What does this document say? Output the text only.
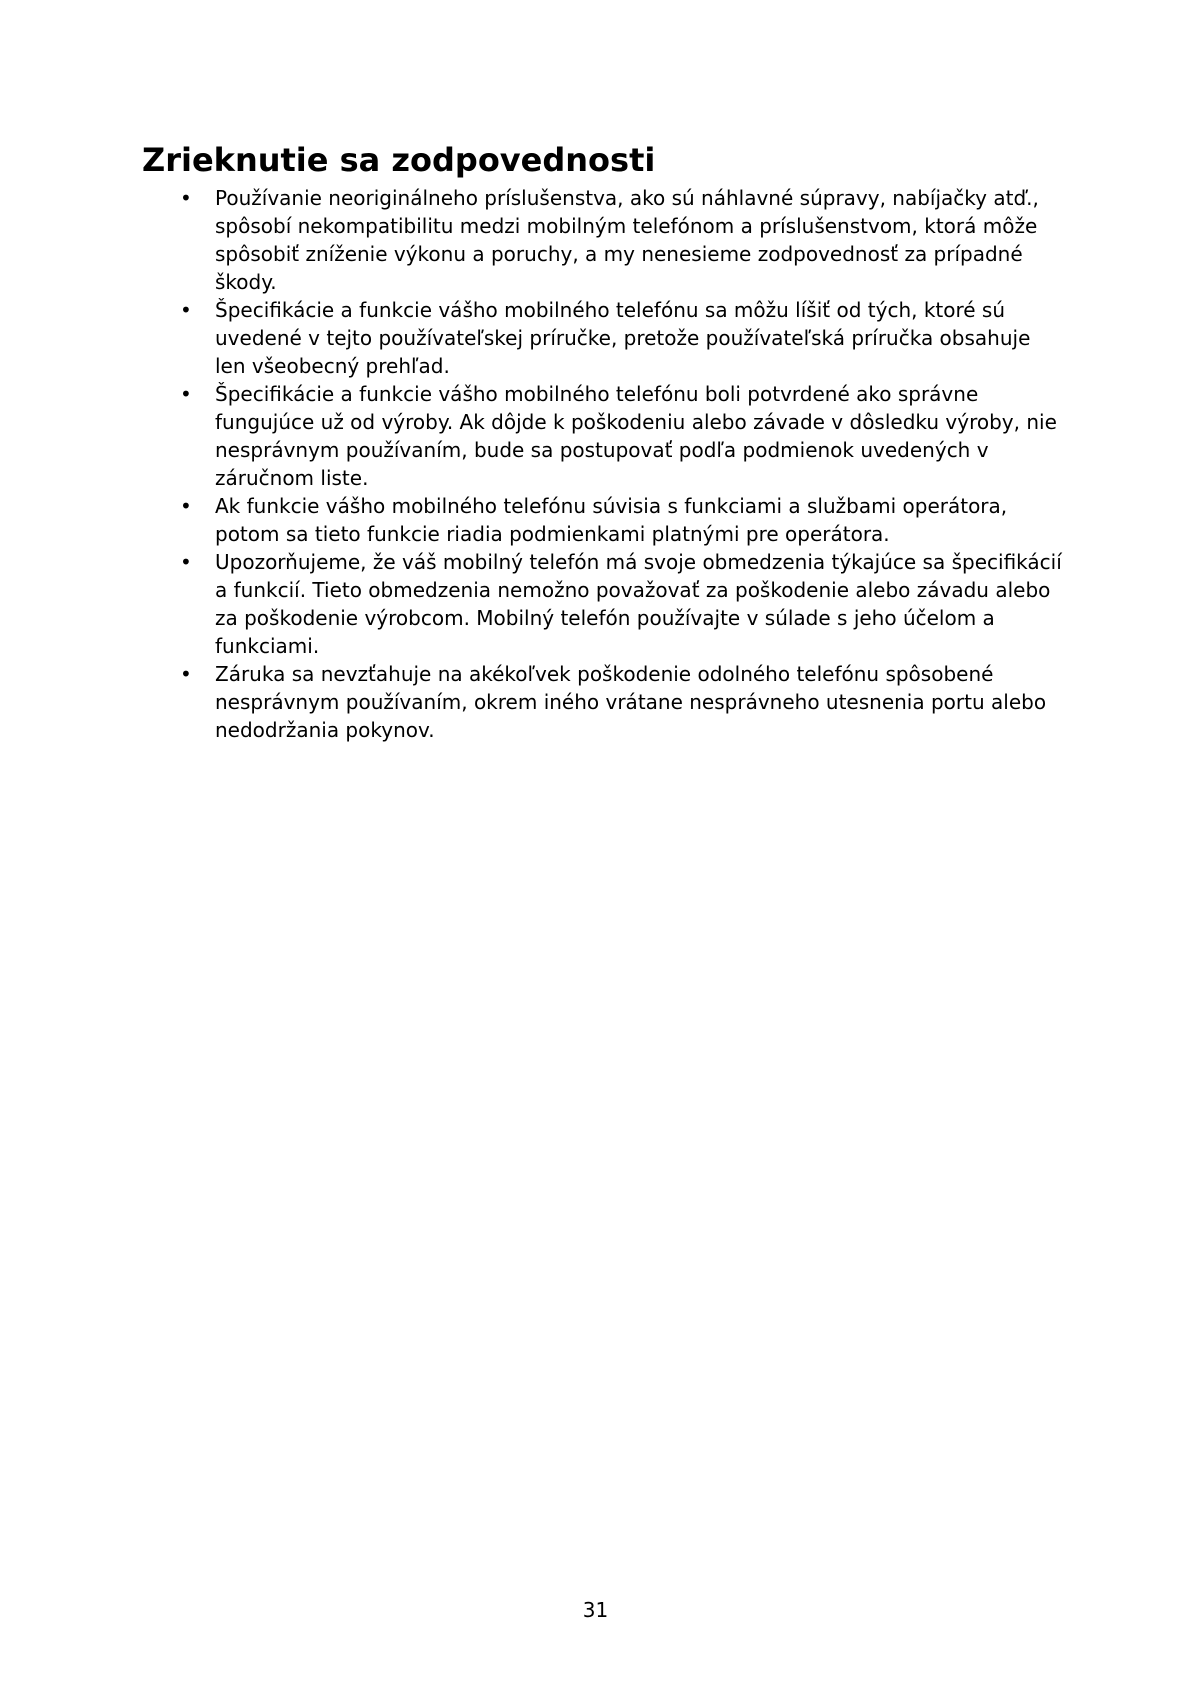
Zrieknutie sa zodpovednosti
• Používanie neoriginálneho príslušenstva, ako sú náhlavné súpravy, nabíjačky atď., spôsobí nekompatibilitu medzi mobilným telefónom a príslušenstvom, ktorá môže spôsobiť zníženie výkonu a poruchy, a my nenesieme zodpovednosť za prípadné škody.
• Špecifikácie a funkcie vášho mobilného telefónu sa môžu líšiť od tých, ktoré sú uvedené v tejto používateľskej príručke, pretože používateľská príručka obsahuje len všeobecný prehľad.
• Špecifikácie a funkcie vášho mobilného telefónu boli potvrdené ako správne fungujúce už od výroby. Ak dôjde k poškodeniu alebo závade v dôsledku výroby, nie nesprávnym používaním, bude sa postupovať podľa podmienok uvedených v záručnom liste.
• Ak funkcie vášho mobilného telefónu súvisia s funkciami a službami operátora, potom sa tieto funkcie riadia podmienkami platnými pre operátora.
• Upozorňujeme, že váš mobilný telefón má svoje obmedzenia týkajúce sa špecifikácií a funkcií. Tieto obmedzenia nemožno považovať za poškodenie alebo závadu alebo za poškodenie výrobcom. Mobilný telefón používajte v súlade s jeho účelom a funkciami.
• Záruka sa nevzťahuje na akékoľvek poškodenie odolného telefónu spôsobené nesprávnym používaním, okrem iného vrátane nesprávneho utesnenia portu alebo nedodržania pokynov.
31
